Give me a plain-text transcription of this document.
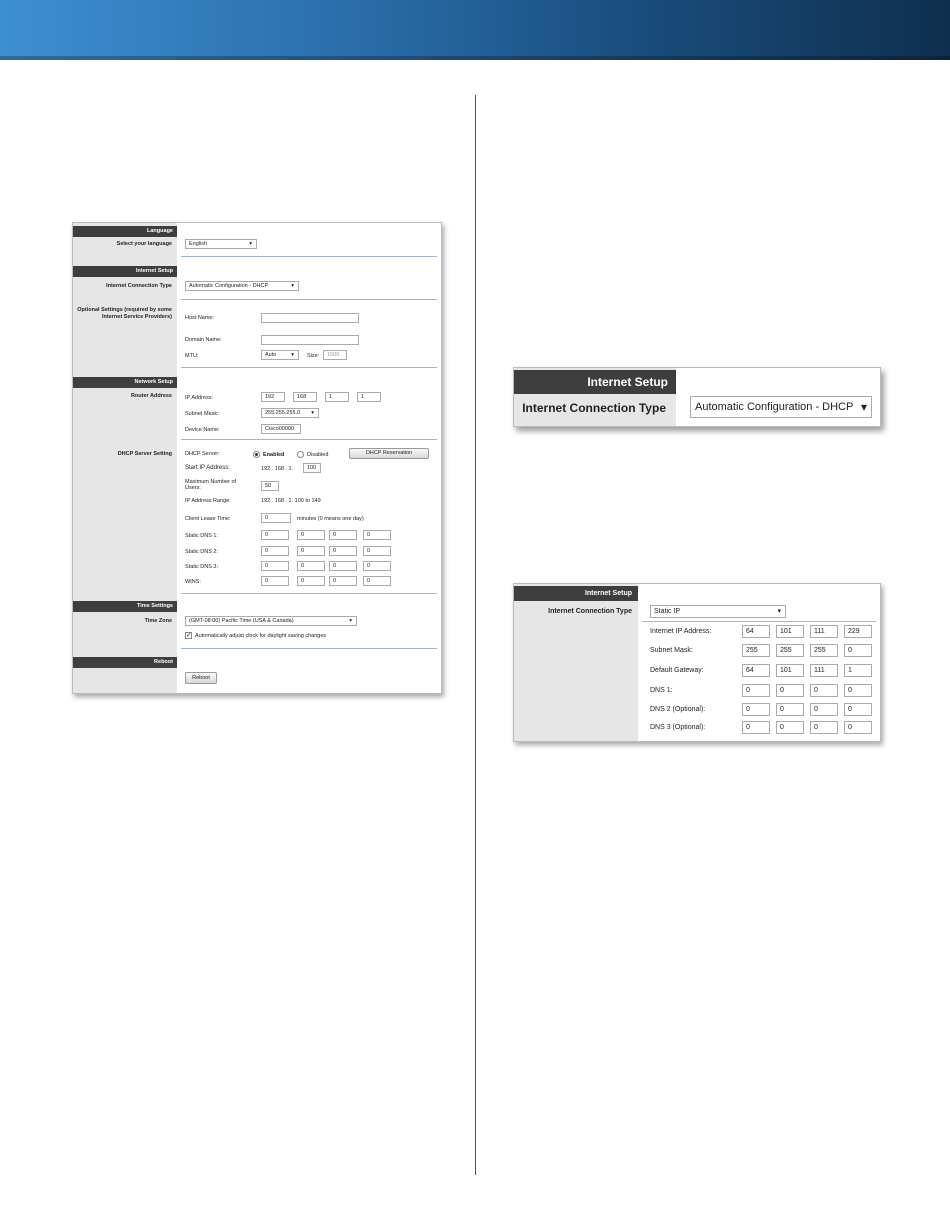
Language
Select your language	English	▾
Internet Setup
Internet Connection Type	Automatic Configuration - DHCP	▾
Optional Settings (required by some Internet Service Providers)	Host Name:
Domain Name:
MTU:	Auto	▾ Size:	1500
Network Setup
Router Address	IP Address:	192	168	1	1
Subnet Mask:	255.255.255.0 ▾
Device Name:	Cisco00000
DHCP Server Setting	DHCP Server:	Enabled	Disabled	DHCP Reservation
Start IP Address:	192 . 168 . 1.	100
Maximum Number of Users:	50
IP Address Range:	192 . 168 . 1. 100 to 149
Client Lease Time:	0	minutes (0 means one day)
Static DNS 1:	0	0	0	0
Static DNS 2:	0	0	0	0
Static DNS 3:	0	0	0	0
WINS:	0	0	0	0
Time Settings
Time Zone	(GMT-08:00) Pacific Time (USA & Canada)	▾
✓ Automatically adjust clock for daylight saving changes
Reboot
Reboot
Internet Setup
Internet Connection Type	Automatic Configuration - DHCP ▾
Internet Setup
Internet Connection Type	Static IP	▾
Internet IP Address:	64	101	111	229
Subnet Mask:	255	255	255	0
Default Gateway:	64	101	111	1
DNS 1:	0	0	0	0
DNS 2 (Optional):	0	0	0	0
DNS 3 (Optional):	0	0	0	0
